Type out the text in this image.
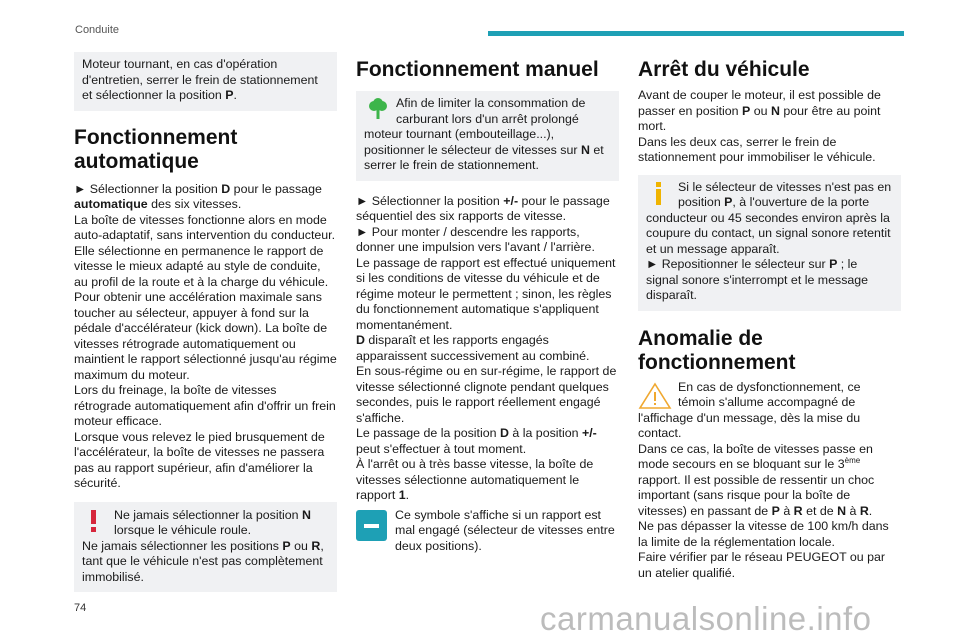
Conduite

Moteur tournant, en cas d'opération d'entretien, serrer le frein de stationnement et sélectionner la position P.

Fonctionnement automatique

► Sélectionner la position D pour le passage automatique des six vitesses.
La boîte de vitesses fonctionne alors en mode auto-adaptatif, sans intervention du conducteur.
Elle sélectionne en permanence le rapport de vitesse le mieux adapté au style de conduite, au profil de la route et à la charge du véhicule.
Pour obtenir une accélération maximale sans toucher au sélecteur, appuyer à fond sur la pédale d'accélérateur (kick down). La boîte de vitesses rétrograde automatiquement ou maintient le rapport sélectionné jusqu'au régime maximum du moteur.
Lors du freinage, la boîte de vitesses rétrograde automatiquement afin d'offrir un frein moteur efficace.
Lorsque vous relevez le pied brusquement de l'accélérateur, la boîte de vitesses ne passera pas au rapport supérieur, afin d'améliorer la sécurité.

Ne jamais sélectionner la position N lorsque le véhicule roule.
Ne jamais sélectionner les positions P ou R, tant que le véhicule n'est pas complètement immobilisé.

Fonctionnement manuel

Afin de limiter la consommation de carburant lors d'un arrêt prolongé moteur tournant (embouteillage...), positionner le sélecteur de vitesses sur N et serrer le frein de stationnement.

► Sélectionner la position +/- pour le passage séquentiel des six rapports de vitesse.
► Pour monter / descendre les rapports, donner une impulsion vers l'avant / l'arrière.
Le passage de rapport est effectué uniquement si les conditions de vitesse du véhicule et de régime moteur le permettent ; sinon, les règles du fonctionnement automatique s'appliquent momentanément.
D disparaît et les rapports engagés apparaissent successivement au combiné.
En sous-régime ou en sur-régime, le rapport de vitesse sélectionné clignote pendant quelques secondes, puis le rapport réellement engagé s'affiche.
Le passage de la position D à la position +/- peut s'effectuer à tout moment.
À l'arrêt ou à très basse vitesse, la boîte de vitesses sélectionne automatiquement le rapport 1.

Ce symbole s'affiche si un rapport est mal engagé (sélecteur de vitesses entre deux positions).

Arrêt du véhicule

Avant de couper le moteur, il est possible de passer en position P ou N pour être au point mort.
Dans les deux cas, serrer le frein de stationnement pour immobiliser le véhicule.

Si le sélecteur de vitesses n'est pas en position P, à l'ouverture de la porte conducteur ou 45 secondes environ après la coupure du contact, un signal sonore retentit et un message apparaît.
► Repositionner le sélecteur sur P ; le signal sonore s'interrompt et le message disparaît.

Anomalie de fonctionnement

En cas de dysfonctionnement, ce témoin s'allume accompagné de l'affichage d'un message, dès la mise du contact.
Dans ce cas, la boîte de vitesses passe en mode secours en se bloquant sur le 3ème rapport. Il est possible de ressentir un choc important (sans risque pour la boîte de vitesses) en passant de P à R et de N à R.
Ne pas dépasser la vitesse de 100 km/h dans la limite de la réglementation locale.
Faire vérifier par le réseau PEUGEOT ou par un atelier qualifié.

74	carmanualsonline.info
